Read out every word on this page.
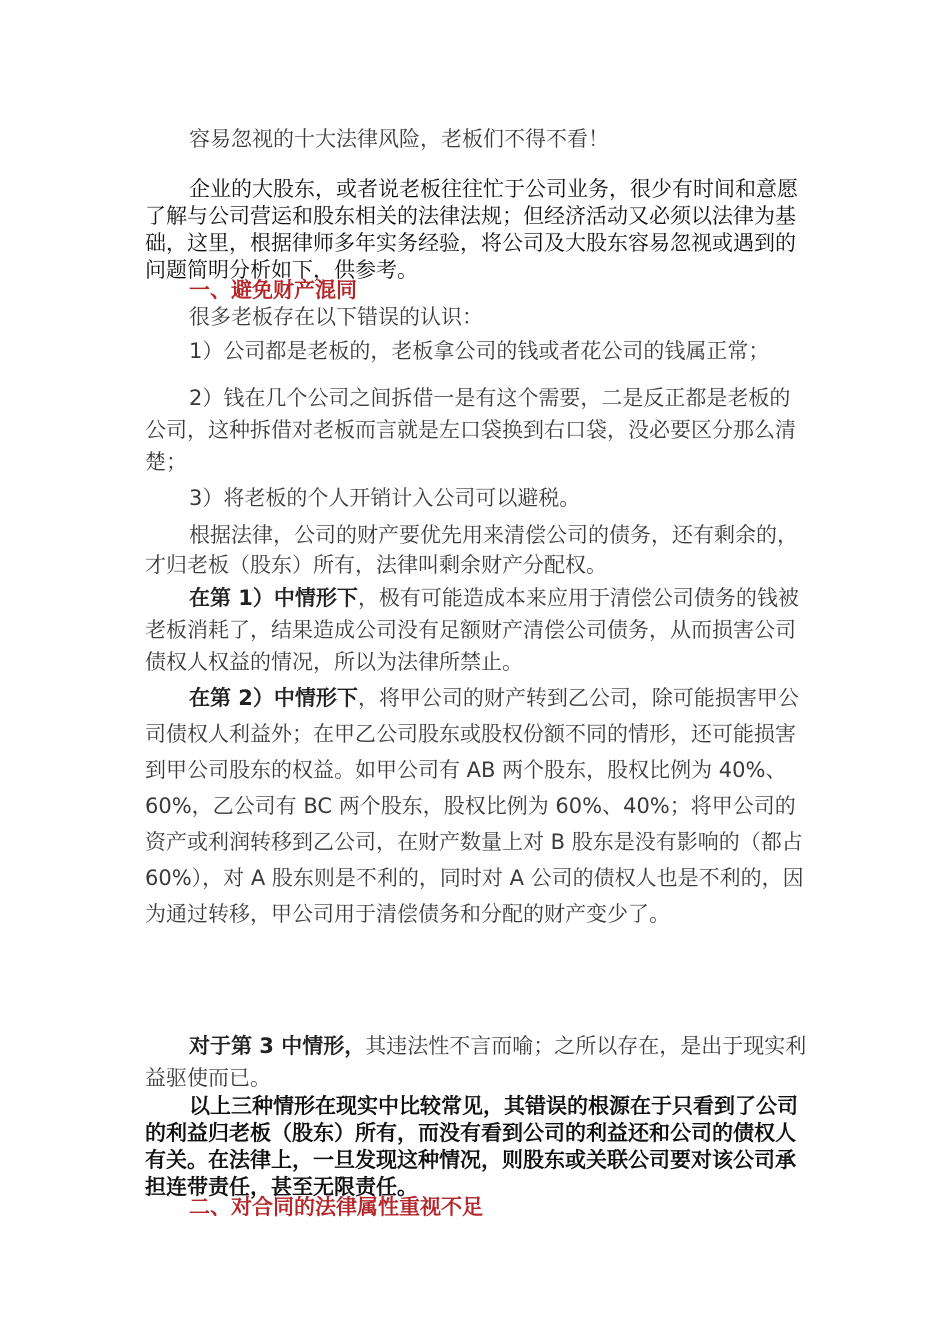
容易忽视的十大法律风险，老板们不得不看！

企业的大股东，或者说老板往往忙于公司业务，很少有时间和意愿了解与公司营运和股东相关的法律法规；但经济活动又必须以法律为基础，这里，根据律师多年实务经验，将公司及大股东容易忽视或遇到的问题简明分析如下，供参考。

一、避免财产混同

很多老板存在以下错误的认识：

1）公司都是老板的，老板拿公司的钱或者花公司的钱属正常；

2）钱在几个公司之间拆借一是有这个需要，二是反正都是老板的公司，这种拆借对老板而言就是左口袋换到右口袋，没必要区分那么清楚；

3）将老板的个人开销计入公司可以避税。

根据法律，公司的财产要优先用来清偿公司的债务，还有剩余的，才归老板（股东）所有，法律叫剩余财产分配权。

在第 1）中情形下，极有可能造成本来应用于清偿公司债务的钱被老板消耗了，结果造成公司没有足额财产清偿公司债务，从而损害公司债权人权益的情况，所以为法律所禁止。

在第 2）中情形下，将甲公司的财产转到乙公司，除可能损害甲公司债权人利益外；在甲乙公司股东或股权份额不同的情形，还可能损害到甲公司股东的权益。如甲公司有 AB 两个股东，股权比例为 40%、60%，乙公司有 BC 两个股东，股权比例为 60%、40%；将甲公司的资产或利润转移到乙公司，在财产数量上对 B 股东是没有影响的（都占 60%），对 A 股东则是不利的，同时对 A 公司的债权人也是不利的，因为通过转移，甲公司用于清偿债务和分配的财产变少了。

对于第 3 中情形，其违法性不言而喻；之所以存在，是出于现实利益驱使而已。

以上三种情形在现实中比较常见，其错误的根源在于只看到了公司的利益归老板（股东）所有，而没有看到公司的利益还和公司的债权人有关。在法律上，一旦发现这种情况，则股东或关联公司要对该公司承担连带责任，甚至无限责任。

二、对合同的法律属性重视不足
